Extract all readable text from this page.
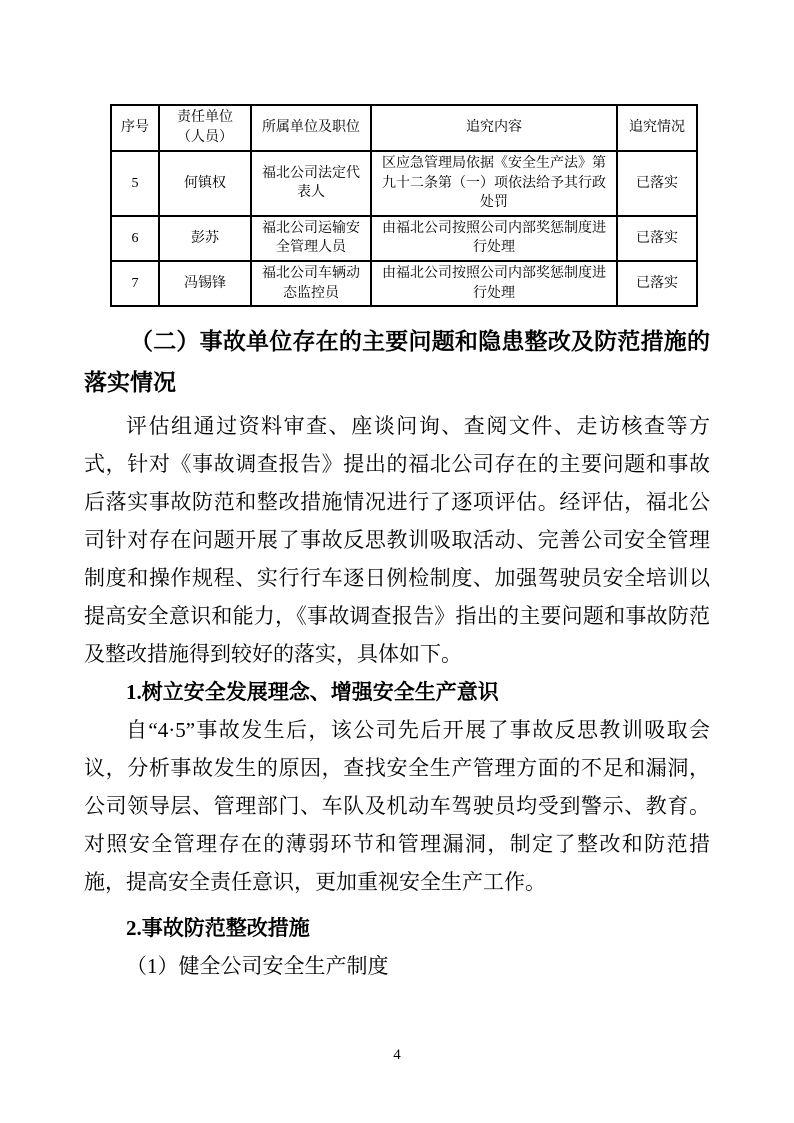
序号	责任单位（人员）	所属单位及职位	追究内容	追究情况
5	何镇权	福北公司法定代表人	区应急管理局依据《安全生产法》第九十二条第（一）项依法给予其行政处罚	已落实
6	彭苏	福北公司运输安全管理人员	由福北公司按照公司内部奖惩制度进行处理	已落实
7	冯锡锋	福北公司车辆动态监控员	由福北公司按照公司内部奖惩制度进行处理	已落实
（二）事故单位存在的主要问题和隐患整改及防范措施的落实情况

评估组通过资料审查、座谈问询、查阅文件、走访核查等方式，针对《事故调查报告》提出的福北公司存在的主要问题和事故后落实事故防范和整改措施情况进行了逐项评估。经评估，福北公司针对存在问题开展了事故反思教训吸取活动、完善公司安全管理制度和操作规程、实行行车逐日例检制度、加强驾驶员安全培训以提高安全意识和能力，《事故调查报告》指出的主要问题和事故防范及整改措施得到较好的落实，具体如下。

1.树立安全发展理念、增强安全生产意识

自“4·5”事故发生后，该公司先后开展了事故反思教训吸取会议，分析事故发生的原因，查找安全生产管理方面的不足和漏洞，公司领导层、管理部门、车队及机动车驾驶员均受到警示、教育。对照安全管理存在的薄弱环节和管理漏洞，制定了整改和防范措施，提高安全责任意识，更加重视安全生产工作。

2.事故防范整改措施

（1）健全公司安全生产制度

4
